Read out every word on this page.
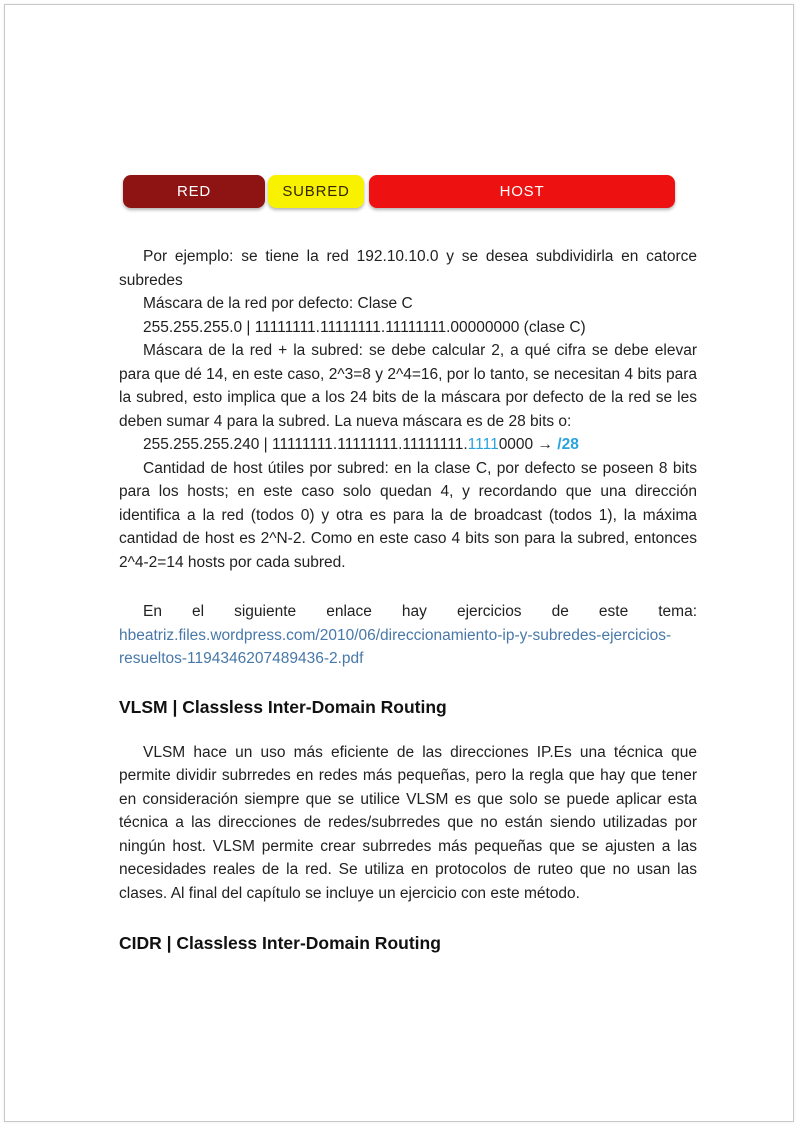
RED	SUBRED	HOST

Por ejemplo: se tiene la red 192.10.10.0 y se desea subdividirla en catorce subredes

Máscara de la red por defecto: Clase C

255.255.255.0 | 11111111.11111111.11111111.00000000 (clase C)

Máscara de la red + la subred: se debe calcular 2, a qué cifra se debe elevar para que dé 14, en este caso, 2^3=8 y 2^4=16, por lo tanto, se necesitan 4 bits para la subred, esto implica que a los 24 bits de la máscara por defecto de la red se les deben sumar 4 para la subred. La nueva máscara es de 28 bits o:

255.255.255.240 | 11111111.11111111.11111111.11110000 → /28

Cantidad de host útiles por subred: en la clase C, por defecto se poseen 8 bits para los hosts; en este caso solo quedan 4, y recordando que una dirección identifica a la red (todos 0) y otra es para la de broadcast (todos 1), la máxima cantidad de host es 2^N-2. Como en este caso 4 bits son para la subred, entonces 2^4-2=14 hosts por cada subred.

En el siguiente enlace hay ejercicios de este tema: hbeatriz.files.wordpress.com/2010/06/direccionamiento-ip-y-subredes-ejercicios-resueltos-1194346207489436-2.pdf

VLSM | Classless Inter-Domain Routing

VLSM hace un uso más eficiente de las direcciones IP.Es una técnica que permite dividir subrredes en redes más pequeñas, pero la regla que hay que tener en consideración siempre que se utilice VLSM es que solo se puede aplicar esta técnica a las direcciones de redes/subrredes que no están siendo utilizadas por ningún host. VLSM permite crear subrredes más pequeñas que se ajusten a las necesidades reales de la red. Se utiliza en protocolos de ruteo que no usan las clases. Al final del capítulo se incluye un ejercicio con este método.

CIDR | Classless Inter-Domain Routing
